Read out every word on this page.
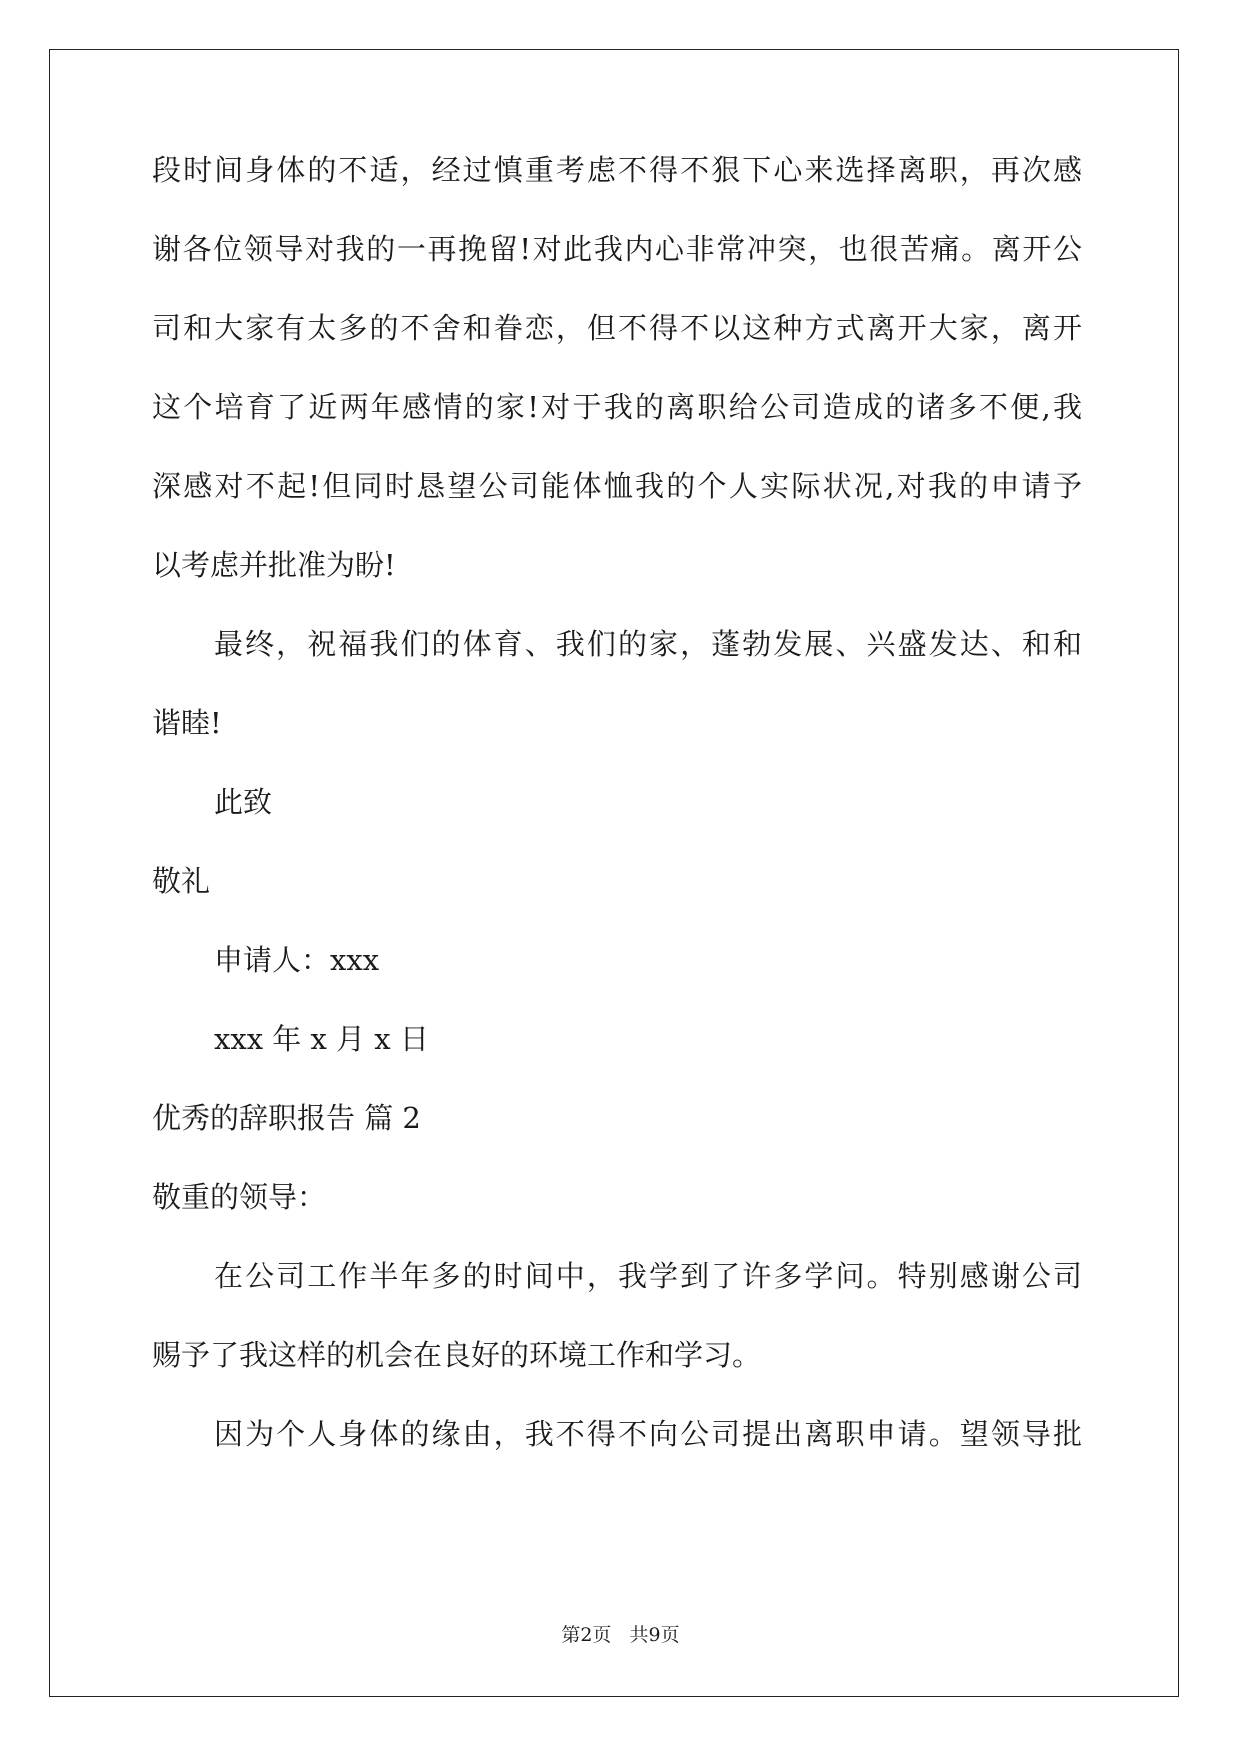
段时间身体的不适，经过慎重考虑不得不狠下心来选择离职，再次感
谢各位领导对我的一再挽留!对此我内心非常冲突，也很苦痛。离开公
司和大家有太多的不舍和眷恋，但不得不以这种方式离开大家，离开
这个培育了近两年感情的家!对于我的离职给公司造成的诸多不便,我
深感对不起!但同时恳望公司能体恤我的个人实际状况,对我的申请予
以考虑并批准为盼!
最终，祝福我们的体育、我们的家，蓬勃发展、兴盛发达、和和
谐睦!
此致
敬礼
申请人：xxx
xxx 年 x 月 x 日
优秀的辞职报告 篇 2
敬重的领导：
在公司工作半年多的时间中，我学到了许多学问。特别感谢公司
赐予了我这样的机会在良好的环境工作和学习。
因为个人身体的缘由，我不得不向公司提出离职申请。望领导批
第2页   共9页
